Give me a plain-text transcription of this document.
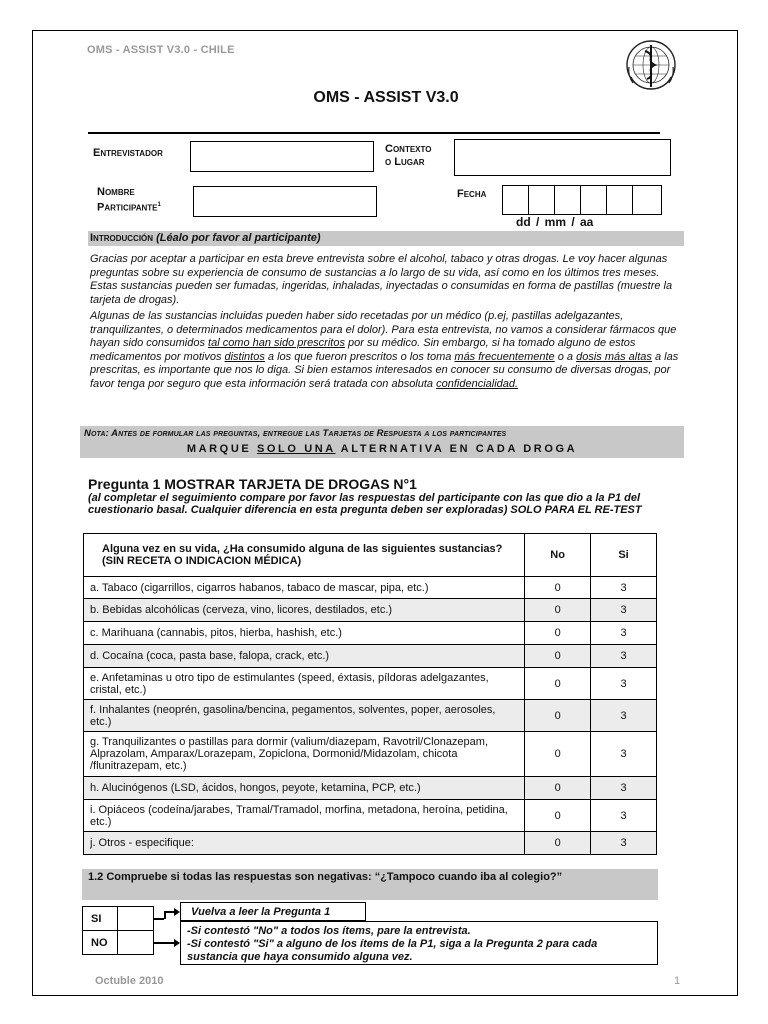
OMS - ASSIST V3.0 - CHILE
OMS - ASSIST V3.0
Entrevistador	Contexto
o Lugar
Nombre
Participante$^1$
Fecha
dd / mm / aa
Introducción (Léalo por favor al participante)
Gracias por aceptar a participar en esta breve entrevista sobre el alcohol, tabaco y otras drogas. Le voy hacer algunas preguntas sobre su experiencia de consumo de sustancias a lo largo de su vida, así como en los últimos tres meses. Estas sustancias pueden ser fumadas, ingeridas, inhaladas, inyectadas o consumidas en forma de pastillas (muestre la tarjeta de drogas).
Algunas de las sustancias incluidas pueden haber sido recetadas por un médico (p.ej, pastillas adelgazantes, tranquilizantes, o determinados medicamentos para el dolor). Para esta entrevista, no vamos a considerar fármacos que hayan sido consumidos tal como han sido prescritos por su médico. Sin embargo, si ha tomado alguno de estos medicamentos por motivos distintos a los que fueron prescritos o los toma más frecuentemente o a dosis más altas a las prescritas, es importante que nos lo diga. Si bien estamos interesados en conocer su consumo de diversas drogas, por favor tenga por seguro que esta información será tratada con absoluta confidencialidad.
Nota: Antes de formular las preguntas, entregue las Tarjetas de Respuesta a los participantes
MARQUE SOLO UNA ALTERNATIVA EN CADA DROGA
Pregunta 1 MOSTRAR TARJETA DE DROGAS N°1
(al completar el seguimiento compare por favor las respuestas del participante con las que dio a la P1 del cuestionario basal. Cualquier diferencia en esta pregunta deben ser exploradas) SOLO PARA EL RE-TEST
Alguna vez en su vida, ¿Ha consumido alguna de las siguientes sustancias? (SIN RECETA O INDICACION MÉDICA)	No	Si
a. Tabaco (cigarrillos, cigarros habanos, tabaco de mascar, pipa, etc.)	0	3
b. Bebidas alcohólicas (cerveza, vino, licores, destilados, etc.)	0	3
c. Marihuana (cannabis, pitos, hierba, hashish, etc.)	0	3
d. Cocaína (coca, pasta base, falopa, crack, etc.)	0	3
e. Anfetaminas u otro tipo de estimulantes (speed, éxtasis, píldoras adelgazantes, cristal, etc.)	0	3
f. Inhalantes (neoprén, gasolina/bencina, pegamentos, solventes, poper, aerosoles, etc.)	0	3
g. Tranquilizantes o pastillas para dormir (valium/diazepam, Ravotril/Clonazepam, Alprazolam, Amparax/Lorazepam, Zopiclona, Dormonid/Midazolam, chicota /flunitrazepam, etc.)	0	3
h. Alucinógenos (LSD, ácidos, hongos, peyote, ketamina, PCP, etc.)	0	3
i. Opiáceos (codeína/jarabes, Tramal/Tramadol, morfina, metadona, heroína, petidina, etc.)	0	3
j. Otros - especifique:	0	3
1.2 Compruebe si todas las respuestas son negativas: “¿Tampoco cuando iba al colegio?”
SI
NO
Vuelva a leer la Pregunta 1
-Si contestó "No" a todos los ítems, pare la entrevista.
-Si contestó "Si" a alguno de los ítems de la P1, siga a la Pregunta 2 para cada sustancia que haya consumido alguna vez.
Octuble 2010	1
